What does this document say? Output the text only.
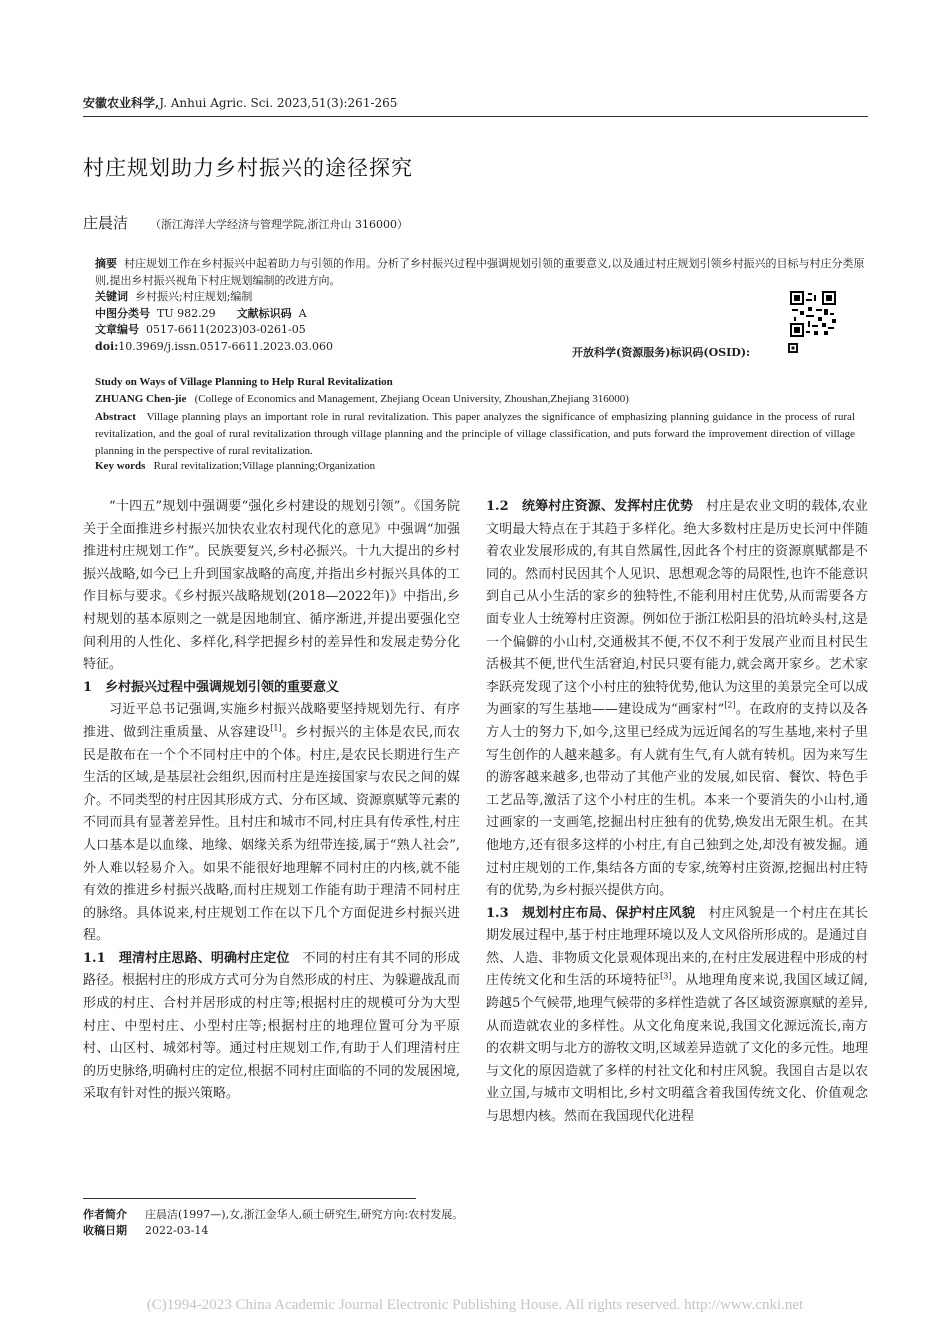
安徽农业科学,J. Anhui Agric. Sci. 2023,51(3):261-265
村庄规划助力乡村振兴的途径探究
庄晨洁 （浙江海洋大学经济与管理学院,浙江舟山 316000）
摘要 村庄规划工作在乡村振兴中起着助力与引领的作用。分析了乡村振兴过程中强调规划引领的重要意义,以及通过村庄规划引领乡村振兴的目标与村庄分类原则,提出乡村振兴视角下村庄规划编制的改进方向。
关键词 乡村振兴;村庄规划;编制
中图分类号 TU 982.29 文献标识码 A
文章编号 0517-6611(2023)03-0261-05
doi:10.3969/j.issn.0517-6611.2023.03.060	开放科学(资源服务)标识码(OSID):
Study on Ways of Village Planning to Help Rural Revitalization
ZHUANG Chen-jie (College of Economics and Management, Zhejiang Ocean University, Zhoushan,Zhejiang 316000)
Abstract Village planning plays an important role in rural revitalization. This paper analyzes the significance of emphasizing planning guidance in the process of rural revitalization, and the goal of rural revitalization through village planning and the principle of village classification, and puts forward the improvement direction of village planning in the perspective of rural revitalization.
Key words Rural revitalization;Village planning;Organization

“十四五”规划中强调要“强化乡村建设的规划引领”。《国务院关于全面推进乡村振兴加快农业农村现代化的意见》中强调“加强推进村庄规划工作”。民族要复兴,乡村必振兴。十九大提出的乡村振兴战略,如今已上升到国家战略的高度,并指出乡村振兴具体的工作目标与要求。《乡村振兴战略规划(2018—2022年)》中指出,乡村规划的基本原则之一就是因地制宜、循序渐进,并提出要强化空间利用的人性化、多样化,科学把握乡村的差异性和发展走势分化特征。

1　乡村振兴过程中强调规划引领的重要意义

习近平总书记强调,实施乡村振兴战略要坚持规划先行、有序推进、做到注重质量、从容建设[1]。乡村振兴的主体是农民,而农民是散布在一个个不同村庄中的个体。村庄,是农民长期进行生产生活的区域,是基层社会组织,因而村庄是连接国家与农民之间的媒介。不同类型的村庄因其形成方式、分布区域、资源禀赋等元素的不同而具有显著差异性。且村庄和城市不同,村庄具有传承性,村庄人口基本是以血缘、地缘、姻缘关系为纽带连接,属于“熟人社会”,外人难以轻易介入。如果不能很好地理解不同村庄的内核,就不能有效的推进乡村振兴战略,而村庄规划工作能有助于理清不同村庄的脉络。具体说来,村庄规划工作在以下几个方面促进乡村振兴进程。

1.1　理清村庄思路、明确村庄定位 不同的村庄有其不同的形成路径。根据村庄的形成方式可分为自然形成的村庄、为躲避战乱而形成的村庄、合村并居形成的村庄等;根据村庄的规模可分为大型村庄、中型村庄、小型村庄等;根据村庄的地理位置可分为平原村、山区村、城郊村等。通过村庄规划工作,有助于人们理清村庄的历史脉络,明确村庄的定位,根据不同村庄面临的不同的发展困境,采取有针对性的振兴策略。

1.2　统筹村庄资源、发挥村庄优势 村庄是农业文明的载体,农业文明最大特点在于其趋于多样化。绝大多数村庄是历史长河中伴随着农业发展形成的,有其自然属性,因此各个村庄的资源禀赋都是不同的。然而村民因其个人见识、思想观念等的局限性,也许不能意识到自己从小生活的家乡的独特性,不能利用村庄优势,从而需要各方面专业人士统筹村庄资源。例如位于浙江松阳县的沿坑岭头村,这是一个偏僻的小山村,交通极其不便,不仅不利于发展产业而且村民生活极其不便,世代生活窘迫,村民只要有能力,就会离开家乡。艺术家李跃亮发现了这个小村庄的独特优势,他认为这里的美景完全可以成为画家的写生基地——建设成为“画家村”[2]。在政府的支持以及各方人士的努力下,如今,这里已经成为远近闻名的写生基地,来村子里写生创作的人越来越多。有人就有生气,有人就有转机。因为来写生的游客越来越多,也带动了其他产业的发展,如民宿、餐饮、特色手工艺品等,激活了这个小村庄的生机。本来一个要消失的小山村,通过画家的一支画笔,挖掘出村庄独有的优势,焕发出无限生机。在其他地方,还有很多这样的小村庄,有自己独到之处,却没有被发掘。通过村庄规划的工作,集结各方面的专家,统筹村庄资源,挖掘出村庄特有的优势,为乡村振兴提供方向。

1.3　规划村庄布局、保护村庄风貌 村庄风貌是一个村庄在其长期发展过程中,基于村庄地理环境以及人文风俗所形成的。是通过自然、人造、非物质文化景观体现出来的,在村庄发展进程中形成的村庄传统文化和生活的环境特征[3]。从地理角度来说,我国区域辽阔,跨越5个气候带,地理气候带的多样性造就了各区域资源禀赋的差异,从而造就农业的多样性。从文化角度来说,我国文化源远流长,南方的农耕文明与北方的游牧文明,区域差异造就了文化的多元性。地理与文化的原因造就了多样的村社文化和村庄风貌。我国自古是以农业立国,与城市文明相比,乡村文明蕴含着我国传统文化、价值观念与思想内核。然而在我国现代化进程

作者简介	庄晨洁(1997—),女,浙江金华人,硕士研究生,研究方向:农村发展。
收稿日期	2022-03-14
(C)1994-2023 China Academic Journal Electronic Publishing House. All rights reserved. http://www.cnki.net
